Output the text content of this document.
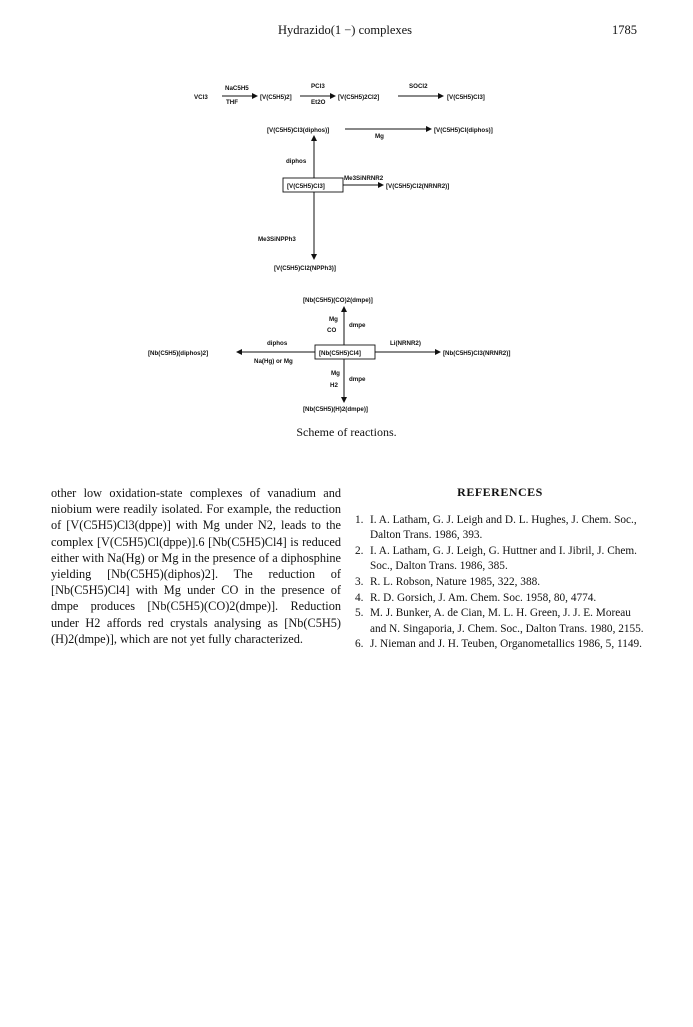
Hydrazido(1 −) complexes	1785
VCl3
NaC5H5
THF
[V(C5H5)2]
PCl3
Et2O
[V(C5H5)2Cl2]
SOCl2
[V(C5H5)Cl3]
[V(C5H5)Cl3(diphos)]
Mg
[V(C5H5)Cl(diphos)]
diphos
[V(C5H5)Cl3]
Me3SiNRNR2
[V(C5H5)Cl2(NRNR2)]
Me3SiNPPh3
[V(C5H5)Cl2(NPPh3)]
[Nb(C5H5)(CO)2(dmpe)]
Mg
CO
dmpe
diphos
Na(Hg) or Mg
[Nb(C5H5)(diphos)2]	[Nb(C5H5)Cl4]
Li(NRNR2)
[Nb(C5H5)Cl3(NRNR2)]
Mg
H2
dmpe
[Nb(C5H5)(H)2(dmpe)]
Scheme of reactions.

other low oxidation-state complexes of vanadium and niobium were readily isolated. For example, the reduction of [V(C5H5)Cl3(dppe)] with Mg under N2, leads to the complex [V(C5H5)Cl(dppe)].6 [Nb(C5H5)Cl4] is reduced either with Na(Hg) or Mg in the presence of a diphosphine yielding [Nb(C5H5)(diphos)2]. The reduction of [Nb(C5H5)Cl4] with Mg under CO in the presence of dmpe produces [Nb(C5H5)(CO)2(dmpe)]. Reduction under H2 affords red crystals analysing as [Nb(C5H5)(H)2(dmpe)], which are not yet fully characterized.

REFERENCES
1. I. A. Latham, G. J. Leigh and D. L. Hughes, J. Chem. Soc., Dalton Trans. 1986, 393.
2. I. A. Latham, G. J. Leigh, G. Huttner and I. Jibril, J. Chem. Soc., Dalton Trans. 1986, 385.
3. R. L. Robson, Nature 1985, 322, 388.
4. R. D. Gorsich, J. Am. Chem. Soc. 1958, 80, 4774.
5. M. J. Bunker, A. de Cian, M. L. H. Green, J. J. E. Moreau and N. Singaporia, J. Chem. Soc., Dalton Trans. 1980, 2155.
6. J. Nieman and J. H. Teuben, Organometallics 1986, 5, 1149.
